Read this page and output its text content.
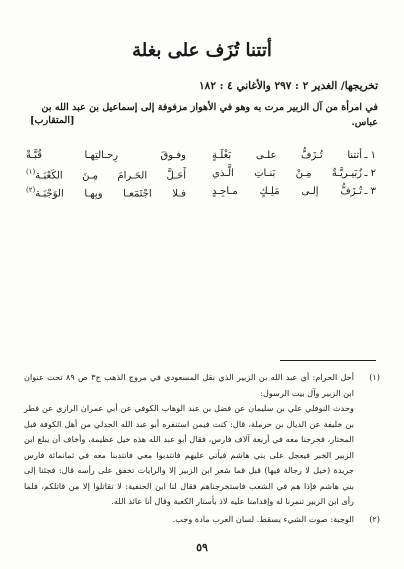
أتتنا تُزَف على بغلة
تخريجها/ الغدير ٢ : ٢٩٧ والأغاني ٤ : ١٨٢
في امرأة من آل الزبير مرت به وهو في الأهواز مزفوفة إلى إسماعيل بن عبد الله بن عباس.
[المتقارب]
١ ـ
أتتنا تُـزَفُّ علـى بَغْلَـةٍ
وفـوقَ رِحـالتِهـا قُبَّـةْ
٢ ـ
زُبَيـريَّـةٌ مِـنْ بَنـاتِ الَّـذي
أَحَـلَّ الحَـرامَ مِـنَ الكَعْبَـة$^{(١)}$
٣ ـ
تُـزَفُّ إلـى مَلِـكٍ مـاجِـدٍ
فـلا اجْتَمَعـا وبِهـا الوَجْبَـة$^{(٢)}$
(١)
أحل الحرام: أي عبد الله بن الزبير الذي نقل المسعودي في مروج الذهب ج٣ ص ٨٩ تحت عنوان ابن الزبير وآل بيت الرسول:
وحدث النوفلي علي بن سليمان عن فضل بن عبد الوهاب الكوفي عن أبي عمران الرازي عن فطر بن خليفة عن الديال بن حرملة، قال: كنت فيمن استنفره أبو عبد الله الجدلي من أهل الكوفة قبل المختار، فخرجنا معه في أربعة آلاف فارس، فقال أبو عبد الله هذه خيل عظيمة، وأخاف أن يبلغ ابن الزبير الخبر فيعجل على بني هاشم فيأتي عليهم فانتدبوا معي فانتدبنا معه في ثمانمائة فارس جريدة (خيل لا رجالة فيها) قبل قما شعر ابن الزبير إلا والرايات تخفق على رأسه قال: فجئنا إلى بني هاشم فإذا هم في الشعب فاستخرجناهم فقال لنا ابن الحنفية: لا تقاتلوا إلا من قاتلكم، فلما رأى ابن الزبير تنمرنا له وإقدامنا عليه لاذ بأستار الكعبة وقال أنا عائذ الله.
(٢)
الوجبة: صوت الشيء يسقط. لسان العرب مادة وجب.
٥٩
